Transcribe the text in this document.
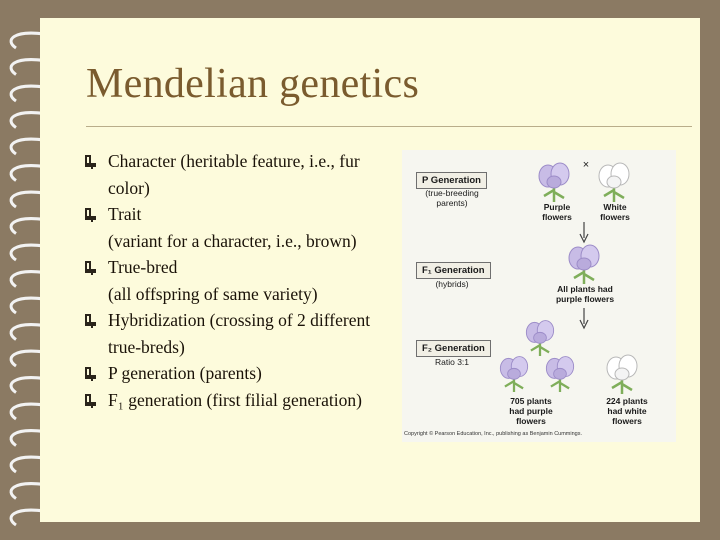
Mendelian genetics
Character (heritable feature, i.e., fur
color)
Trait
(variant for a character, i.e., brown)
True-bred
(all offspring of same variety)
Hybridization (crossing of 2 different
true-breds)
P generation (parents)
F₁ generation (first filial generation)
P Generation
(true-breeding
parents)
×
Purple
flowers
White
flowers
F₁ Generation
(hybrids)	All plants had
purple flowers
F₂ Generation
Ratio 3:1
705 plants
had purple
flowers
224 plants
had white
flowers
Copyright © Pearson Education, Inc., publishing as Benjamin Cummings.
